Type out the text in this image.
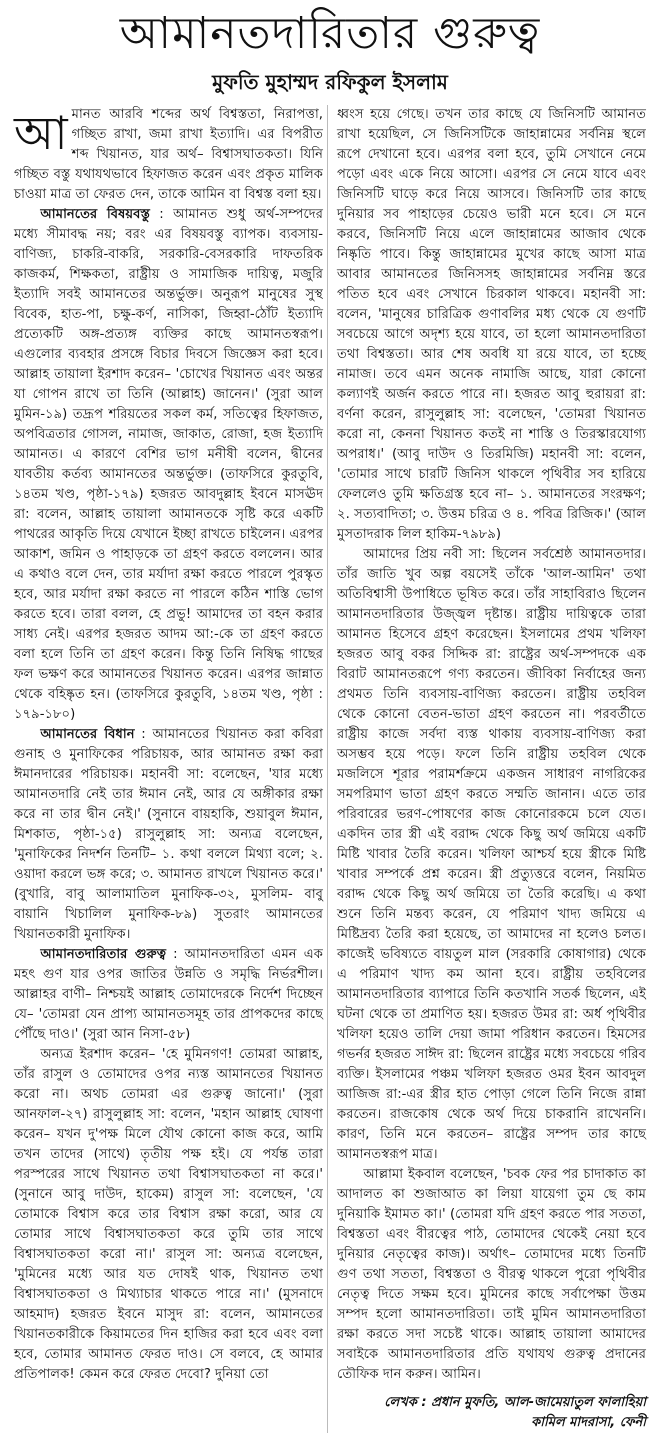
আমানতদারিতার গুরুত্ব
মুফতি মুহাম্মদ রফিকুল ইসলাম

আমানত আরবি শব্দের অর্থ বিশ্বস্ততা, নিরাপত্তা, গচ্ছিত রাখা, জমা রাখা ইত্যাদি। এর বিপরীত শব্দ খিয়ানত, যার অর্থ– বিশ্বাসঘাতকতা। যিনি গচ্ছিত বস্তু যথাযথভাবে হিফাজত করেন এবং প্রকৃত মালিক চাওয়া মাত্র তা ফেরত দেন, তাকে আমিন বা বিশ্বস্ত বলা হয়।

আমানতের বিষয়বস্তু : আমানত শুধু অর্থ-সম্পদের মধ্যে সীমাবদ্ধ নয়; বরং এর বিষয়বস্তু ব্যাপক। ব্যবসায়-বাণিজ্য, চাকরি-বাকরি, সরকারি-বেসরকারি দাফতরিক কাজকর্ম, শিক্ষকতা, রাষ্ট্রীয় ও সামাজিক দায়িত্ব, মজুরি ইত্যাদি সবই আমানতের অন্তর্ভুক্ত। অনুরূপ মানুষের সুস্থ বিবেক, হাত-পা, চক্ষু-কর্ণ, নাসিকা, জিহ্বা-ঠোঁট ইত্যাদি প্রত্যেকটি অঙ্গ-প্রত্যঙ্গ ব্যক্তির কাছে আমানতস্বরূপ। এগুলোর ব্যবহার প্রসঙ্গে বিচার দিবসে জিজ্ঞেস করা হবে। আল্লাহ তায়ালা ইরশাদ করেন– 'চোখের খিয়ানত এবং অন্তর যা গোপন রাখে তা তিনি (আল্লাহ) জানেন।' (সুরা আল মুমিন-১৯) তদ্রূপ শরিয়তের সকল কর্ম, সতিত্বের হিফাজত, অপবিত্রতার গোসল, নামাজ, জাকাত, রোজা, হজ ইত্যাদি আমানত। এ কারণে বেশির ভাগ মনীষী বলেন, দ্বীনের যাবতীয় কর্তব্য আমানতের অন্তর্ভুক্ত। (তাফসিরে কুরতুবি, ১৪তম খণ্ড, পৃষ্ঠা-১৭৯) হজরত আবদুল্লাহ ইবনে মাসঊদ রা: বলেন, আল্লাহ তায়ালা আমানতকে সৃষ্টি করে একটি পাথরের আকৃতি দিয়ে যেখানে ইচ্ছা রাখতে চাইলেন। এরপর আকাশ, জমিন ও পাহাড়কে তা গ্রহণ করতে বললেন। আর এ কথাও বলে দেন, তার মর্যাদা রক্ষা করতে পারলে পুরস্কৃত হবে, আর মর্যাদা রক্ষা করতে না পারলে কঠিন শাস্তি ভোগ করতে হবে। তারা বলল, হে প্রভু! আমাদের তা বহন করার সাধ্য নেই। এরপর হজরত আদম আ:-কে তা গ্রহণ করতে বলা হলে তিনি তা গ্রহণ করেন। কিন্তু তিনি নিষিদ্ধ গাছের ফল ভক্ষণ করে আমানতের খিয়ানত করেন। এরপর জান্নাত থেকে বহিষ্কৃত হন। (তাফসিরে কুরতুবি, ১৪তম খণ্ড, পৃষ্ঠা : ১৭৯-১৮০)

আমানতের বিধান : আমানতের খিয়ানত করা কবিরা গুনাহ ও মুনাফিকের পরিচায়ক, আর আমানত রক্ষা করা ঈমানদারের পরিচায়ক। মহানবী সা: বলেছেন, 'যার মধ্যে আমানতদারি নেই তার ঈমান নেই, আর যে অঙ্গীকার রক্ষা করে না তার দ্বীন নেই।' (সুনানে বায়হাকি, শুয়াবুল ঈমান, মিশকাত, পৃষ্ঠা-১৫) রাসুলুল্লাহ সা: অন্যত্র বলেছেন, 'মুনাফিকের নিদর্শন তিনটি– ১. কথা বললে মিথ্যা বলে; ২. ওয়াদা করলে ভঙ্গ করে; ৩. আমানত রাখলে খিয়ানত করে।' (বুখারি, বাবু আলামাতিল মুনাফিক-৩২, মুসলিম- বাবু বায়ানি খিচালিল মুনাফিক-৮৯) সুতরাং আমানতের খিয়ানতকারী মুনাফিক।

আমানতদারিতার গুরুত্ব : আমানতদারিতা এমন এক মহৎ গুণ যার ওপর জাতির উন্নতি ও সমৃদ্ধি নির্ভরশীল। আল্লাহর বাণী– নিশ্চয়ই আল্লাহ তোমাদেরকে নির্দেশ দিচ্ছেন যে– 'তোমরা যেন প্রাপ্য আমানতসমূহ তার প্রাপকদের কাছে পৌঁছে দাও।' (সুরা আন নিসা-৫৮)

অন্যত্র ইরশাদ করেন– 'হে মুমিনগণ! তোমরা আল্লাহ, তাঁর রাসুল ও তোমাদের ওপর ন্যস্ত আমানতের খিয়ানত করো না। অথচ তোমরা এর গুরুত্ব জানো।' (সুরা আনফাল-২৭) রাসুলুল্লাহ সা: বলেন, 'মহান আল্লাহ ঘোষণা করেন– যখন দু'পক্ষ মিলে যৌথ কোনো কাজ করে, আমি তখন তাদের (সাথে) তৃতীয় পক্ষ হই। যে পর্যন্ত তারা পরস্পরের সাথে খিয়ানত তথা বিশ্বাসঘাতকতা না করে।' (সুনানে আবু দাউদ, হাকেম) রাসুল সা: বলেছেন, 'যে তোমাকে বিশ্বাস করে তার বিশ্বাস রক্ষা করো, আর যে তোমার সাথে বিশ্বাসঘাতকতা করে তুমি তার সাথে বিশ্বাসঘাতকতা করো না।' রাসুল সা: অন্যত্র বলেছেন, 'মুমিনের মধ্যে আর যত দোষই থাক, খিয়ানত তথা বিশ্বাসঘাতকতা ও মিথ্যাচার থাকতে পারে না।' (মুসনাদে আহমাদ) হজরত ইবনে মাসুদ রা: বলেন, আমানতের খিয়ানতকারীকে কিয়ামতের দিন হাজির করা হবে এবং বলা হবে, তোমার আমানত ফেরত দাও। সে বলবে, হে আমার প্রতিপালক! কেমন করে ফেরত দেবো? দুনিয়া তো

ধ্বংস হয়ে গেছে। তখন তার কাছে যে জিনিসটি আমানত রাখা হয়েছিল, সে জিনিসটিকে জাহান্নামের সর্বনিম্ন স্থলে রূপে দেখানো হবে। এরপর বলা হবে, তুমি সেখানে নেমে পড়ো এবং একে নিয়ে আসো। এরপর সে নেমে যাবে এবং জিনিসটি ঘাড়ে করে নিয়ে আসবে। জিনিসটি তার কাছে দুনিয়ার সব পাহাড়ের চেয়েও ভারী মনে হবে। সে মনে করবে, জিনিসটি নিয়ে এলে জাহান্নামের আজাব থেকে নিষ্কৃতি পাবে। কিন্তু জাহান্নামের মুখের কাছে আসা মাত্র আবার আমানতের জিনিসসহ জাহান্নামের সর্বনিম্ন স্তরে পতিত হবে এবং সেখানে চিরকাল থাকবে। মহানবী সা: বলেন, 'মানুষের চারিত্রিক গুণাবলির মধ্য থেকে যে গুণটি সবচেয়ে আগে অদৃশ্য হয়ে যাবে, তা হলো আমানতদারিতা তথা বিশ্বস্ততা। আর শেষ অবধি যা রয়ে যাবে, তা হচ্ছে নামাজ। তবে এমন অনেক নামাজি আছে, যারা কোনো কল্যাণই অর্জন করতে পারে না। হজরত আবু হুরায়রা রা: বর্ণনা করেন, রাসুলুল্লাহ সা: বলেছেন, 'তোমরা খিয়ানত করো না, কেননা খিয়ানত কতই না শাস্তি ও তিরস্কারযোগ্য অপরাধ।' (আবু দাউদ ও তিরমিজি) মহানবী সা: বলেন, 'তোমার সাথে চারটি জিনিস থাকলে পৃথিবীর সব হারিয়ে ফেললেও তুমি ক্ষতিগ্রস্ত হবে না– ১. আমানতের সংরক্ষণ; ২. সত্যবাদিতা; ৩. উত্তম চরিত্র ও ৪. পবিত্র রিজিক।' (আল মুসতাদরাক লিল হাকিম-৭৯৮৯)

আমাদের প্রিয় নবী সা: ছিলেন সর্বশ্রেষ্ঠ আমানতদার। তাঁর জাতি খুব অল্প বয়সেই তাঁকে 'আল-আমিন' তথা অতিবিশ্বাসী উপাধিতে ভূষিত করে। তাঁর সাহাবিরাও ছিলেন আমানতদারিতার উজ্জ্বল দৃষ্টান্ত। রাষ্ট্রীয় দায়িত্বকে তারা আমানত হিসেবে গ্রহণ করেছেন। ইসলামের প্রথম খলিফা হজরত আবু বকর সিদ্দিক রা: রাষ্ট্রের অর্থ-সম্পদকে এক বিরাট আমানতরূপে গণ্য করতেন। জীবিকা নির্বাহের জন্য প্রথমত তিনি ব্যবসায়-বাণিজ্য করতেন। রাষ্ট্রীয় তহবিল থেকে কোনো বেতন-ভাতা গ্রহণ করতেন না। পরবর্তীতে রাষ্ট্রীয় কাজে সর্বদা ব্যস্ত থাকায় ব্যবসায়-বাণিজ্য করা অসম্ভব হয়ে পড়ে। ফলে তিনি রাষ্ট্রীয় তহবিল থেকে মজলিসে শূরার পরামর্শক্রমে একজন সাধারণ নাগরিকের সমপরিমাণ ভাতা গ্রহণ করতে সম্মতি জানান। এতে তার পরিবারের ভরণ-পোষণের কাজ কোনোরকমে চলে যেত। একদিন তার স্ত্রী এই বরাদ্দ থেকে কিছু অর্থ জমিয়ে একটি মিষ্টি খাবার তৈরি করেন। খলিফা আশ্চর্য হয়ে স্ত্রীকে মিষ্টি খাবার সম্পর্কে প্রশ্ন করেন। স্ত্রী প্রত্যুত্তরে বলেন, নিয়মিত বরাদ্দ থেকে কিছু অর্থ জমিয়ে তা তৈরি করেছি। এ কথা শুনে তিনি মন্তব্য করেন, যে পরিমাণ খাদ্য জমিয়ে এ মিষ্টিদ্রব্য তৈরি করা হয়েছে, তা আমাদের না হলেও চলত। কাজেই ভবিষ্যতে বায়তুল মাল (সরকারি কোষাগার) থেকে এ পরিমাণ খাদ্য কম আনা হবে। রাষ্ট্রীয় তহবিলের আমানতদারিতার ব্যাপারে তিনি কতখানি সতর্ক ছিলেন, এই ঘটনা থেকে তা প্রমাণিত হয়। হজরত উমর রা: অর্ধ পৃথিবীর খলিফা হয়েও তালি দেয়া জামা পরিধান করতেন। হিমসের গভর্নর হজরত সাঈদ রা: ছিলেন রাষ্ট্রের মধ্যে সবচেয়ে গরিব ব্যক্তি। ইসলামের পঞ্চম খলিফা হজরত ওমর ইবন আবদুল আজিজ রা:-এর স্ত্রীর হাত পোড়া গেলে তিনি নিজে রান্না করতেন। রাজকোষ থেকে অর্থ দিয়ে চাকরানি রাখেননি। কারণ, তিনি মনে করতেন– রাষ্ট্রের সম্পদ তার কাছে আমানতস্বরূপ মাত্র।

আল্লামা ইকবাল বলেছেন, 'চবক ফের পর চাদাকাত কা আদালত কা শুজাআত কা লিয়া যায়েগা তুম ছে কাম দুনিয়াকি ইমামত কা।' (তোমরা যদি গ্রহণ করতে পার সততা, বিশ্বস্ততা এবং বীরত্বের পাঠ, তোমাদের থেকেই নেয়া হবে দুনিয়ার নেতৃত্বের কাজ)। অর্থাৎ– তোমাদের মধ্যে তিনটি গুণ তথা সততা, বিশ্বস্ততা ও বীরত্ব থাকলে পুরো পৃথিবীর নেতৃত্ব দিতে সক্ষম হবে। মুমিনের কাছে সর্বাপেক্ষা উত্তম সম্পদ হলো আমানতদারিতা। তাই মুমিন আমানতদারিতা রক্ষা করতে সদা সচেষ্ট থাকে। আল্লাহ তায়ালা আমাদের সবাইকে আমানতদারিতার প্রতি যথাযথ গুরুত্ব প্রদানের তৌফিক দান করুন। আমিন।

লেখক : প্রধান মুফতি, আল-জামেয়াতুল ফালাহিয়া
কামিল মাদরাসা, ফেনী
